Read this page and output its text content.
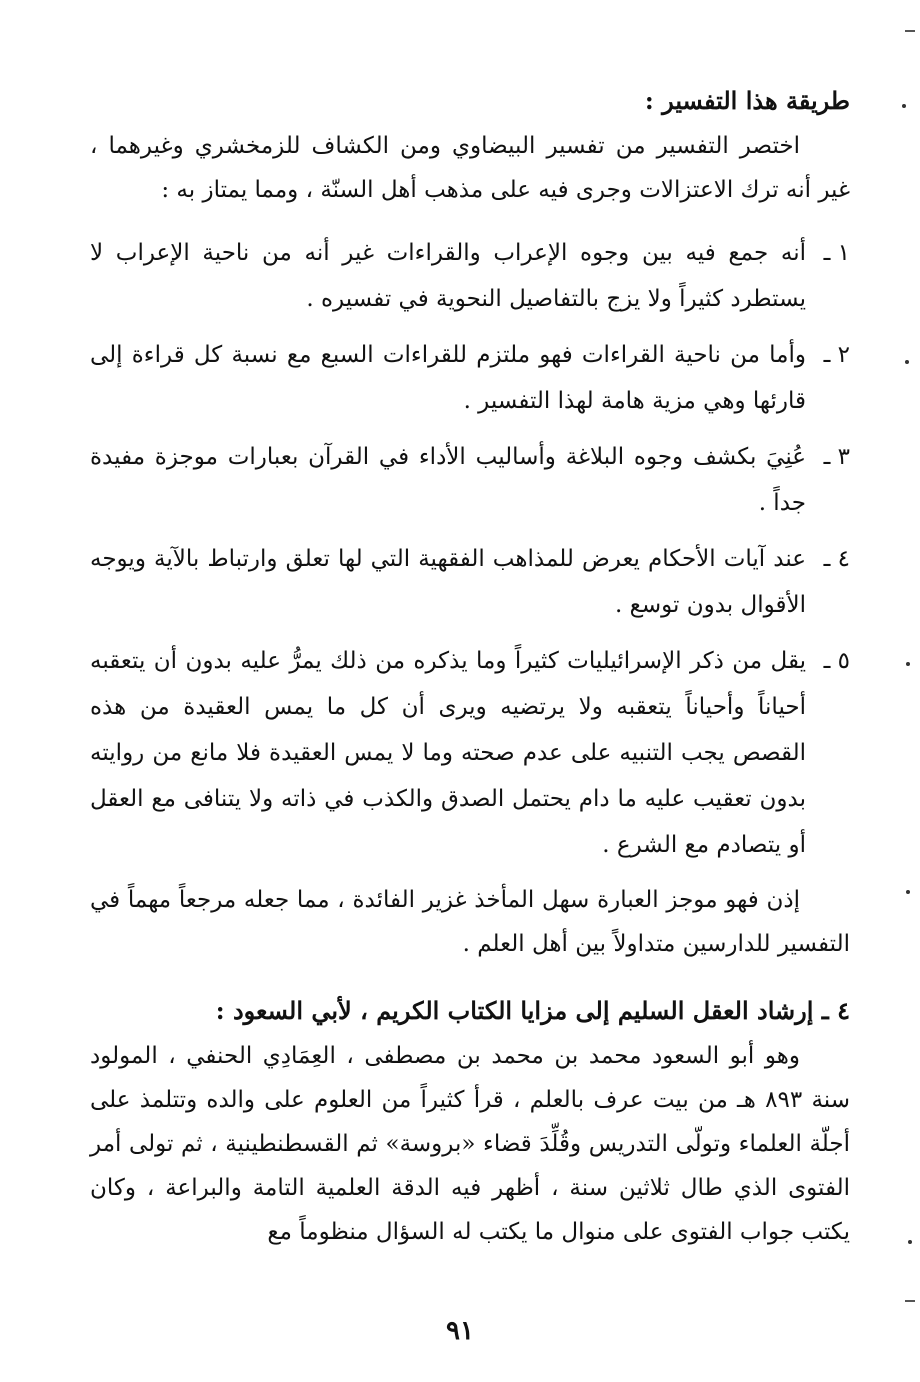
طريقة هذا التفسير :

اختصر التفسير من تفسير البيضاوي ومن الكشاف للزمخشري وغيرهما ، غير أنه ترك الاعتزالات وجرى فيه على مذهب أهل السنّة ، ومما يمتاز به :

١ ـ
أنه جمع فيه بين وجوه الإعراب والقراءات غير أنه من ناحية الإعراب لا يستطرد كثيراً ولا يزج بالتفاصيل النحوية في تفسيره .
٢ ـ
وأما من ناحية القراءات فهو ملتزم للقراءات السبع مع نسبة كل قراءة إلى قارئها وهي مزية هامة لهذا التفسير .
٣ ـ
عُنِيَ بكشف وجوه البلاغة وأساليب الأداء في القرآن بعبارات موجزة مفيدة جداً .
٤ ـ
عند آيات الأحكام يعرض للمذاهب الفقهية التي لها تعلق وارتباط بالآية ويوجه الأقوال بدون توسع .
٥ ـ
يقل من ذكر الإسرائيليات كثيراً وما يذكره من ذلك يمرُّ عليه بدون أن يتعقبه أحياناً وأحياناً يتعقبه ولا يرتضيه ويرى أن كل ما يمس العقيدة من هذه القصص يجب التنبيه على عدم صحته وما لا يمس العقيدة فلا مانع من روايته بدون تعقيب عليه ما دام يحتمل الصدق والكذب في ذاته ولا يتنافى مع العقل أو يتصادم مع الشرع .

إذن فهو موجز العبارة سهل المأخذ غزير الفائدة ، مما جعله مرجعاً مهماً في التفسير للدارسين متداولاً بين أهل العلم .

٤ ـ إرشاد العقل السليم إلى مزايا الكتاب الكريم ، لأبي السعود :

وهو أبو السعود محمد بن محمد بن مصطفى ، العِمَادِي الحنفي ، المولود سنة ٨٩٣ هـ من بيت عرف بالعلم ، قرأ كثيراً من العلوم على والده وتتلمذ على أجلّة العلماء وتولّى التدريس وقُلِّدَ قضاء «بروسة» ثم القسطنطينية ، ثم تولى أمر الفتوى الذي طال ثلاثين سنة ، أظهر فيه الدقة العلمية التامة والبراعة ، وكان يكتب جواب الفتوى على منوال ما يكتب له السؤال منظوماً مع

٩١
